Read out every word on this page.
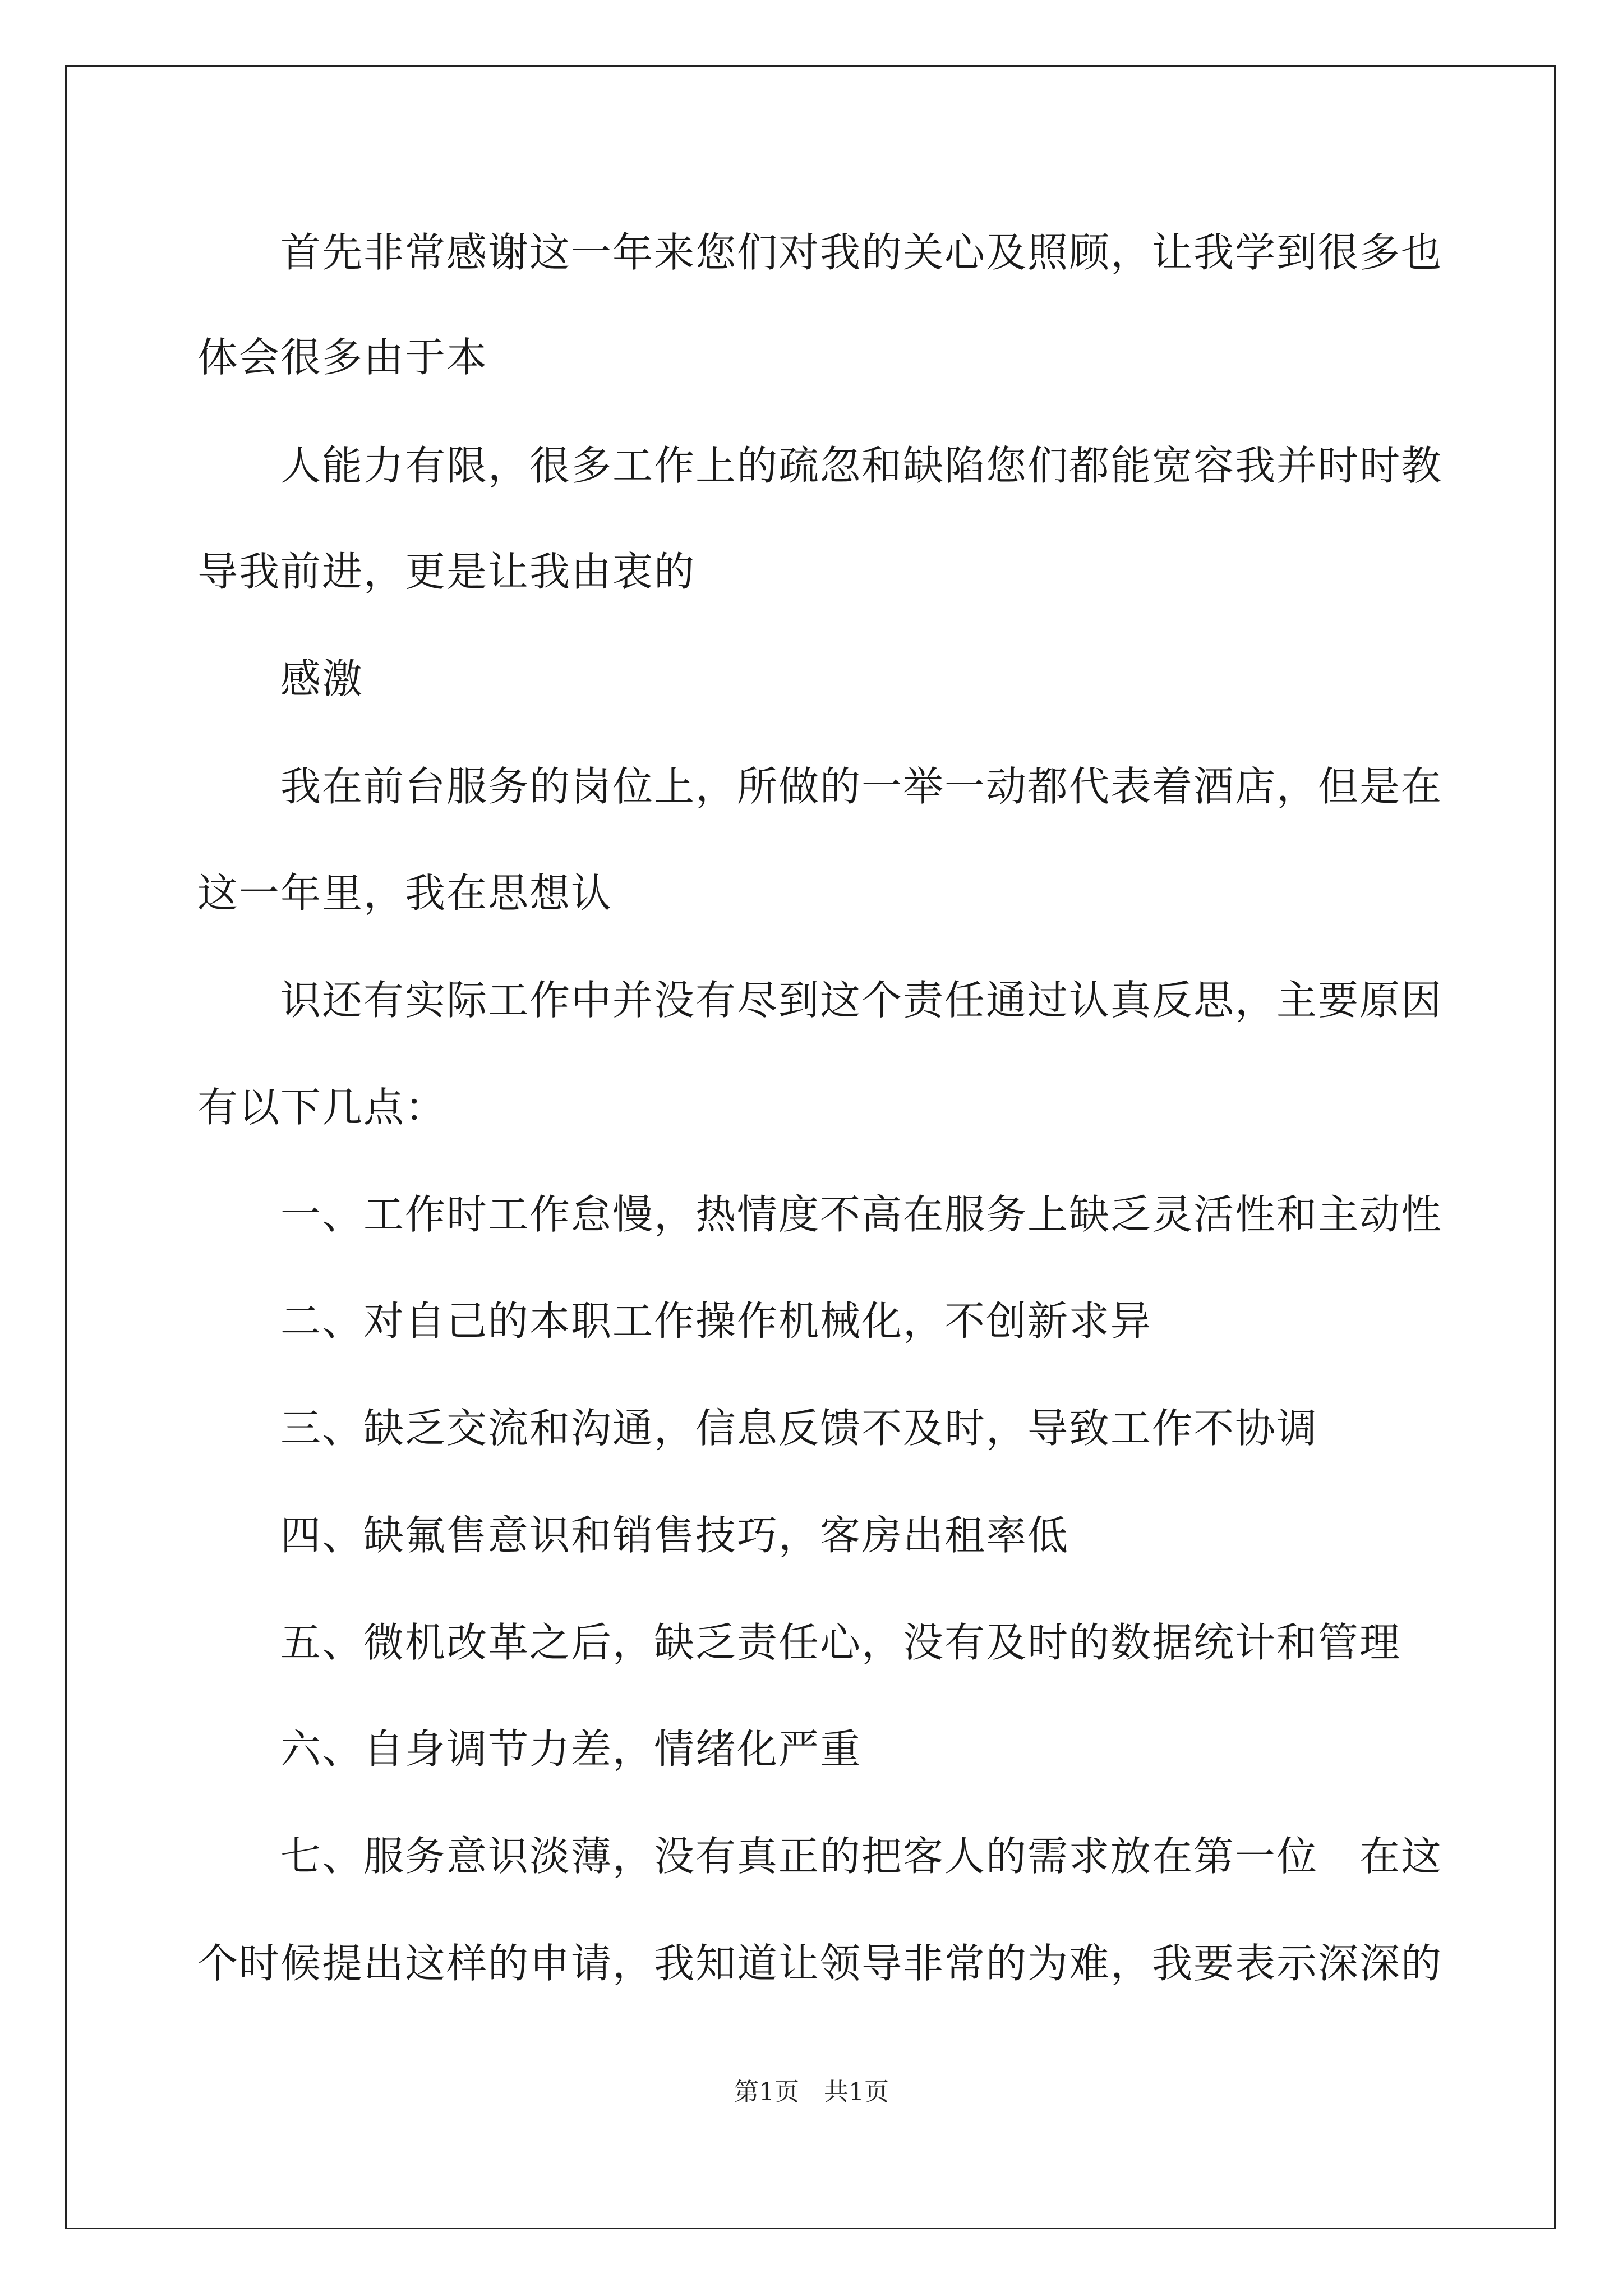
首先非常感谢这一年来您们对我的关心及照顾，让我学到很多也
体会很多由于本
人能力有限，很多工作上的疏忽和缺陷您们都能宽容我并时时教
导我前进，更是让我由衷的
感激
我在前台服务的岗位上，所做的一举一动都代表着酒店，但是在
这一年里，我在思想认
识还有实际工作中并没有尽到这个责任通过认真反思，主要原因
有以下几点：
一、工作时工作怠慢，热情度不高在服务上缺乏灵活性和主动性
二、对自己的本职工作操作机械化，不创新求异
三、缺乏交流和沟通，信息反馈不及时，导致工作不协调
四、缺氟售意识和销售技巧，客房出租率低
五、微机改革之后，缺乏责任心，没有及时的数据统计和管理
六、自身调节力差，情绪化严重
七、服务意识淡薄，没有真正的把客人的需求放在第一位　在这
个时候提出这样的申请，我知道让领导非常的为难，我要表示深深的
第1页　共1页
